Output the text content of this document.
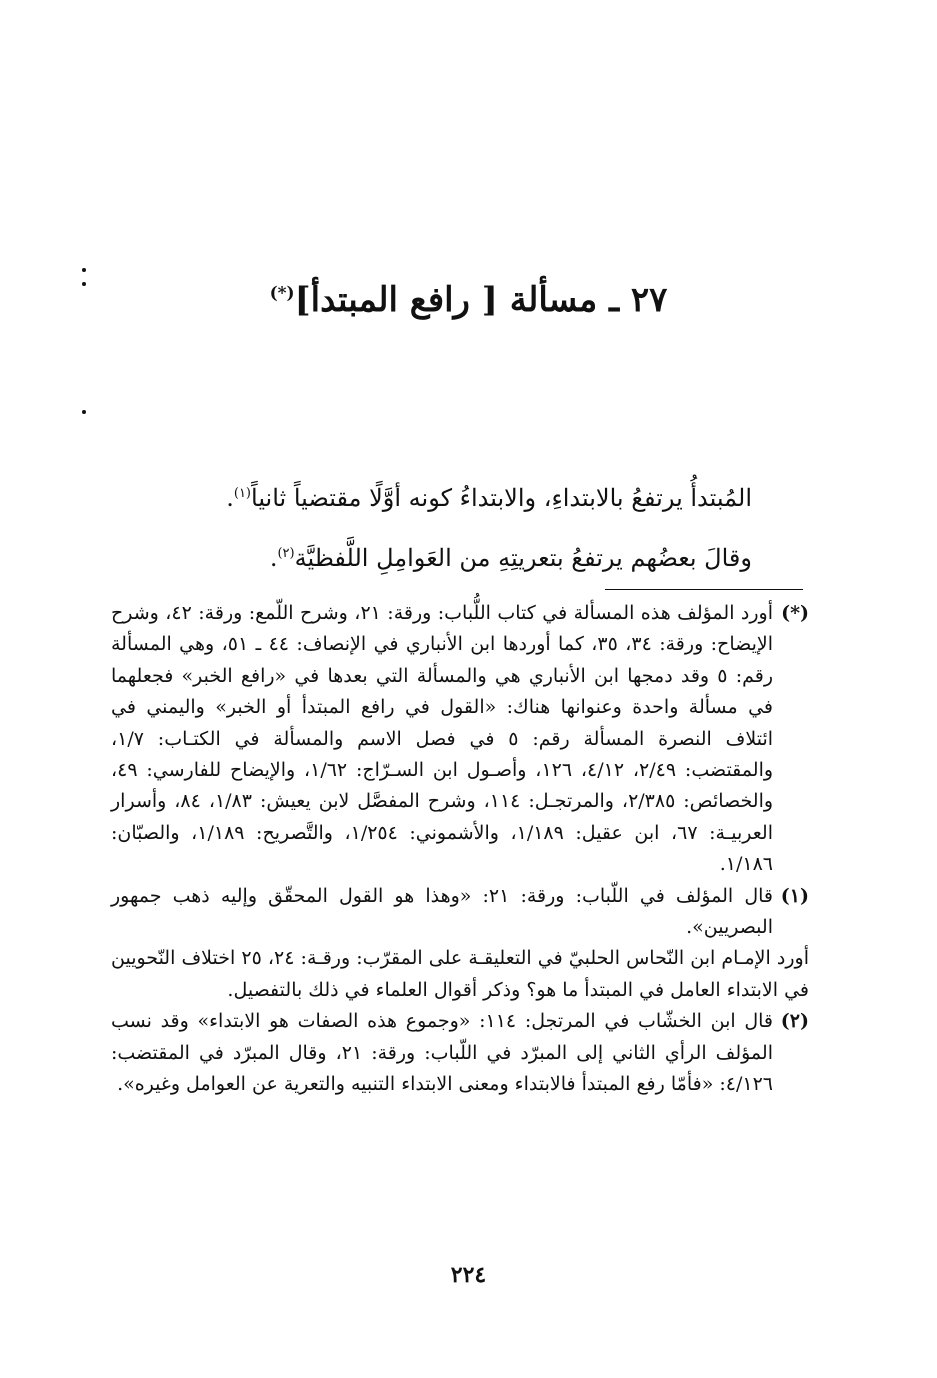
٢٧ ـ مسألة [ رافع المبتدأ](*)

المُبتدأُ يرتفعُ بالابتداءِ، والابتداءُ كونه أوَّلًا مقتضياً ثانياً$^{(١)}$.

وقالَ بعضُهم يرتفعُ بتعريتِهِ من العَوامِلِ اللَّفظيَّة$^{(٢)}$.

(*)
أورد المؤلف هذه المسألة في كتاب اللُّباب: ورقة: ٢١، وشرح اللّمع: ورقة: ٤٢، وشرح الإيضاح: ورقة: ٣٤، ٣٥، كما أوردها ابن الأنباري في الإنصاف: ٤٤ ـ ٥١، وهي المسألة رقم: ٥ وقد دمجها ابن الأنباري هي والمسألة التي بعدها في «رافع الخبر» فجعلهما في مسألة واحدة وعنوانها هناك: «القول في رافع المبتدأ أو الخبر» واليمني في ائتلاف النصرة المسألة رقم: ٥ في فصل الاسم والمسألة في الكتـاب: ١/٧، والمقتضب: ٢/٤٩، ٤/١٢، ١٢٦، وأصـول ابن السـرّاج: ١/٦٢، والإيضاح للفارسي: ٤٩، والخصائص: ٢/٣٨٥، والمرتجـل: ١١٤، وشرح المفصَّل لابن يعيش: ١/٨٣، ٨٤، وأسرار العربيـة: ٦٧، ابن عقيل: ١/١٨٩، والأشموني: ١/٢٥٤، والتَّصريح: ١/١٨٩، والصبّان: ١/١٨٦.

(١)
قال المؤلف في اللّباب: ورقة: ٢١: «وهذا هو القول المحقّق وإليه ذهب جمهور البصريين».

أورد الإمـام ابن النّحاس الحلبيّ في التعليقـة على المقرّب: ورقـة: ٢٤، ٢٥ اختلاف النّحويين في الابتداء العامل في المبتدأ ما هو؟ وذكر أقوال العلماء في ذلك بالتفصيل.

(٢)
قال ابن الخشّاب في المرتجل: ١١٤: «وجموع هذه الصفات هو الابتداء» وقد نسب المؤلف الرأي الثاني إلى المبرّد في اللّباب: ورقة: ٢١، وقال المبرّد في المقتضب: ٤/١٢٦: «فأمّا رفع المبتدأ فالابتداء ومعنى الابتداء التنبيه والتعرية عن العوامل وغيره».

٢٢٤
